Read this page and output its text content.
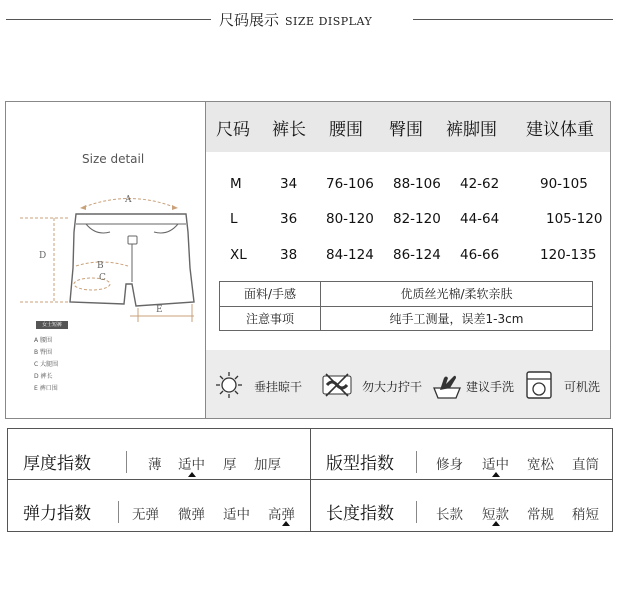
尺码展示 SIZE DISPLAY
Size detail
A
B
C
D
E
女士短裤
A 腰围
B 臀围
C 大腿围
D 裤长
E 裤口围
尺码 裤长 腰围 臀围 裤脚围 建议体重
M	34 76-106 88-106 42-62	90-105
L	36 80-120 82-120 44-64	105-120
XL 38 84-124 86-124 46-66	120-135
面料/手感	优质丝光棉/柔软亲肤
注意事项	纯手工测量，误差1-3cm
垂挂晾干	勿大力拧干	建议手洗	可机洗
厚度指数	薄 适中 厚 加厚	版型指数	修身 适中 宽松 直筒
弹力指数	无弹 微弹 适中 高弹 长度指数	长款 短款 常规 稍短
